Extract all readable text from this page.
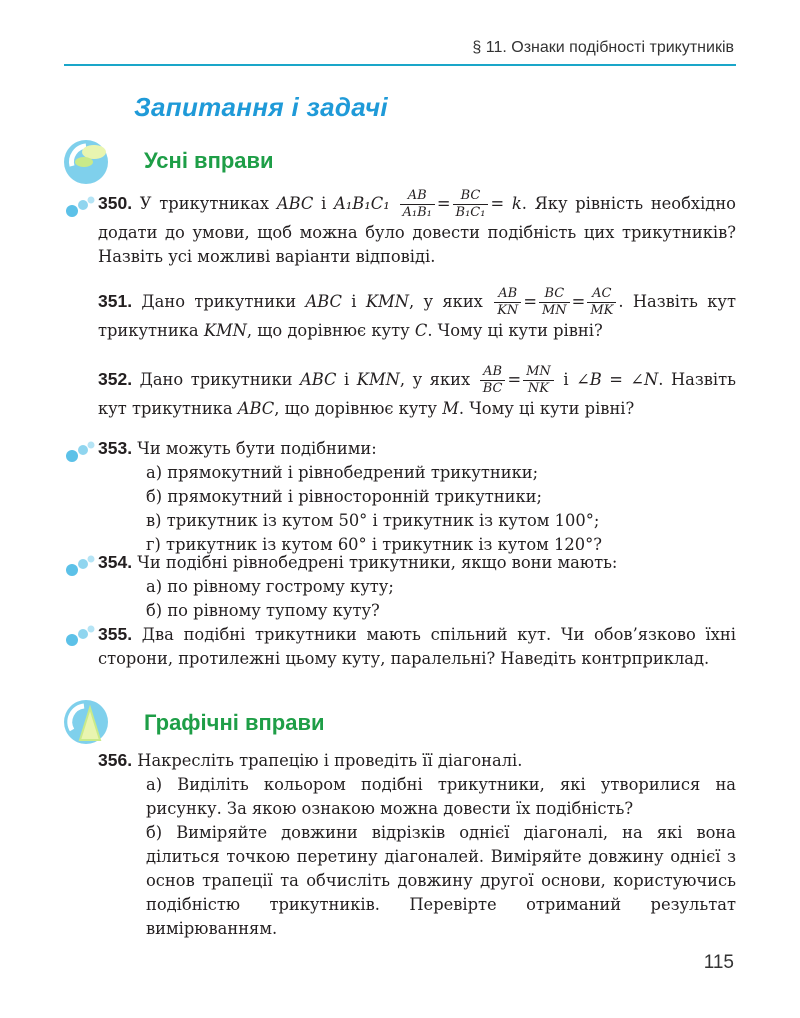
§ 11. Ознаки подібності трикутників
Запитання і задачі
Усні вправи
350. У трикутниках ABC і $A_1B_1C_1 \frac{AB}{\text{A₁B₁}} = \frac{BC}{\text{B₁C₁}} = k$. Яку рівність необхідно додати до умови, щоб можна було довести подібність цих трикутників? Назвіть усі можливі варіанти відповіді.
351. Дано трикутники ABC і KMN, у яких $\frac{AB}{KN} = \frac{BC}{MN} = \frac{AC}{MK}$ . Назвіть кут трикутника KMN, що дорівнює куту C. Чому ці кути рівні?
352. Дано трикутники ABC і KMN, у яких $\frac{AB}{BC} = \frac{MN}{NK}$ і ∠B = ∠N. Назвіть кут трикутника ABC, що дорівнює куту M. Чому ці кути рівні?
353. Чи можуть бути подібними:
а) прямокутний і рівнобедрений трикутники;
б) прямокутний і рівносторонній трикутники;
в) трикутник із кутом 50° і трикутник із кутом 100°;
г) трикутник із кутом 60° і трикутник із кутом 120°?
354. Чи подібні рівнобедрені трикутники, якщо вони мають:
а) по рівному гострому куту;
б) по рівному тупому куту?
355. Два подібні трикутники мають спільний кут. Чи обов’язково їхні сторони, протилежні цьому куту, паралельні? Наведіть контрприклад.
Графічні вправи
356. Накресліть трапецію і проведіть її діагоналі.
а) Виділіть кольором подібні трикутники, які утворилися на рисунку. За якою ознакою можна довести їх подібність?
б) Виміряйте довжини відрізків однієї діагоналі, на які вона ділиться точкою перетину діагоналей. Виміряйте довжину однієї з основ трапеції та обчисліть довжину другої основи, користуючись подібністю трикутників. Перевірте отриманий результат вимірюванням.
115
